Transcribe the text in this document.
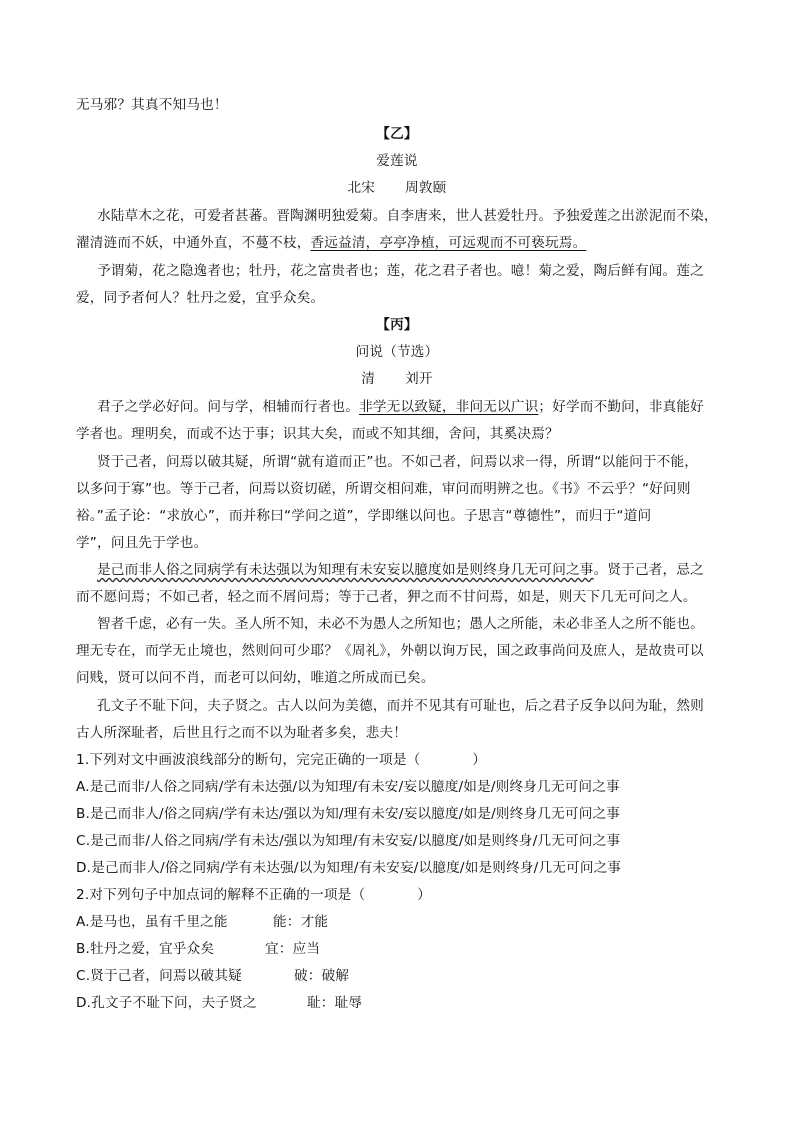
无马邪？其真不知马也！
【乙】
爱莲说
北宋 周敦颐
水陆草木之花，可爱者甚蕃。晋陶渊明独爱菊。自李唐来，世人甚爱牡丹。予独爱莲之出淤泥而不染，
濯清涟而不妖，中通外直，不蔓不枝，香远益清，亭亭净植，可远观而不可亵玩焉。
予谓菊，花之隐逸者也；牡丹，花之富贵者也；莲，花之君子者也。噫！菊之爱，陶后鲜有闻。莲之
爱，同予者何人？牡丹之爱，宜乎众矣。
【丙】
问说（节选）
清 刘开
君子之学必好问。问与学，相辅而行者也。非学无以致疑，非问无以广识；好学而不勤问，非真能好
学者也。理明矣，而或不达于事；识其大矣，而或不知其细，舍问，其奚决焉？
贤于己者，问焉以破其疑，所谓“就有道而正”也。不如己者，问焉以求一得，所谓“以能问于不能，
以多问于寡”也。等于己者，问焉以资切磋，所谓交相问难，审问而明辨之也。《书》不云乎？“好问则
裕。”孟子论：“求放心”，而并称曰“学问之道”，学即继以问也。子思言“尊德性”，而归于“道问
学”，问且先于学也。
是己而非人俗之同病学有未达强以为知理有未安妄以臆度如是则终身几无可问之事。贤于己者，忌之
而不愿问焉；不如己者，轻之而不屑问焉；等于己者，狎之而不甘问焉，如是，则天下几无可问之人。
智者千虑，必有一失。圣人所不知，未必不为愚人之所知也；愚人之所能，未必非圣人之所不能也。
理无专在，而学无止境也，然则问可少耶？《周礼》，外朝以询万民，国之政事尚问及庶人，是故贵可以
问贱，贤可以问不肖，而老可以问幼，唯道之所成而已矣。
孔文子不耻下问，夫子贤之。古人以问为美德，而并不见其有可耻也，后之君子反争以问为耻，然则
古人所深耻者，后世且行之而不以为耻者多矣，悲夫！
1.下列对文中画波浪线部分的断句，完完正确的一项是（	）
A.是己而非/人俗之同病/学有未达强/以为知理/有未安/妄以臆度/如是/则终身几无可问之事
B.是己而非人/俗之同病/学有未达/强以为知/理有未安/妄以臆度/如是/则终身几无可问之事
C.是己而非/人俗之同病/学有未达/强以为知理/有未安妄/以臆度/如是则终身/几无可问之事
D.是己而非人/俗之同病/学有未达强/以为知理/有未安妄/以臆度/如是则终身/几无可问之事
2.对下列句子中加点词的解释不正确的一项是（	）
A.是马也，虽有千里之能	能：才能
B.牡丹之爱，宜乎众矣	宜：应当
C.贤于己者，问焉以破其疑	破：破解
D.孔文子不耻下问，夫子贤之	耻：耻辱
